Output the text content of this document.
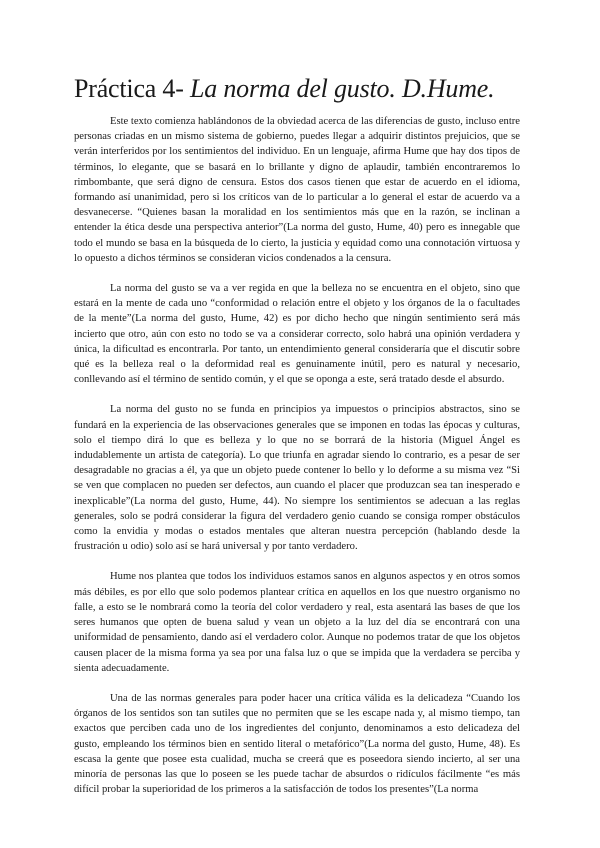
Práctica 4- La norma del gusto. D.Hume.

Este texto comienza hablándonos de la obviedad acerca de las diferencias de gusto, incluso entre personas criadas en un mismo sistema de gobierno, puedes llegar a adquirir distintos prejuicios, que se verán interferidos por los sentimientos del individuo. En un lenguaje, afirma Hume que hay dos tipos de términos, lo elegante, que se basará en lo brillante y digno de aplaudir, también encontraremos lo rimbombante, que será digno de censura. Estos dos casos tienen que estar de acuerdo en el idioma, formando así unanimidad, pero si los críticos van de lo particular a lo general el estar de acuerdo va a desvanecerse. “Quienes basan la moralidad en los sentimientos más que en la razón, se inclinan a entender la ética desde una perspectiva anterior”(La norma del gusto, Hume, 40) pero es innegable que todo el mundo se basa en la búsqueda de lo cierto, la justicia y equidad como una connotación virtuosa y lo opuesto a dichos términos se consideran vicios condenados a la censura.

La norma del gusto se va a ver regida en que la belleza no se encuentra en el objeto, sino que estará en la mente de cada uno “conformidad o relación entre el objeto y los órganos de la o facultades de la mente”(La norma del gusto, Hume, 42) es por dicho hecho que ningún sentimiento será más incierto que otro, aún con esto no todo se va a considerar correcto, solo habrá una opinión verdadera y única, la dificultad es encontrarla. Por tanto, un entendimiento general consideraría que el discutir sobre qué es la belleza real o la deformidad real es genuinamente inútil, pero es natural y necesario, conllevando así el término de sentido común, y el que se oponga a este, será tratado desde el absurdo.

La norma del gusto no se funda en principios ya impuestos o principios abstractos, sino se fundará en la experiencia de las observaciones generales que se imponen en todas las épocas y culturas, solo el tiempo dirá lo que es belleza y lo que no se borrará de la historia (Miguel Ángel es indudablemente un artista de categoría). Lo que triunfa en agradar siendo lo contrario, es a pesar de ser desagradable no gracias a él, ya que un objeto puede contener lo bello y lo deforme a su misma vez “Si se ven que complacen no pueden ser defectos, aun cuando el placer que produzcan sea tan inesperado e inexplicable”(La norma del gusto, Hume, 44). No siempre los sentimientos se adecuan a las reglas generales, solo se podrá considerar la figura del verdadero genio cuando se consiga romper obstáculos como la envidia y modas o estados mentales que alteran nuestra percepción (hablando desde la frustración u odio) solo así se hará universal y por tanto verdadero.

Hume nos plantea que todos los individuos estamos sanos en algunos aspectos y en otros somos más débiles, es por ello que solo podemos plantear crítica en aquellos en los que nuestro organismo no falle, a esto se le nombrará como la teoría del color verdadero y real, esta asentará las bases de que los seres humanos que opten de buena salud y vean un objeto a la luz del día se encontrará con una uniformidad de pensamiento, dando así el verdadero color. Aunque no podemos tratar de que los objetos causen placer de la misma forma ya sea por una falsa luz o que se impida que la verdadera se perciba y sienta adecuadamente.

Una de las normas generales para poder hacer una crítica válida es la delicadeza “Cuando los órganos de los sentidos son tan sutiles que no permiten que se les escape nada y, al mismo tiempo, tan exactos que perciben cada uno de los ingredientes del conjunto, denominamos a esto delicadeza del gusto, empleando los términos bien en sentido literal o metafórico”(La norma del gusto, Hume, 48). Es escasa la gente que posee esta cualidad, mucha se creerá que es poseedora siendo incierto, al ser una minoría de personas las que lo poseen se les puede tachar de absurdos o ridículos fácilmente “es más difícil probar la superioridad de los primeros a la satisfacción de todos los presentes”(La norma
